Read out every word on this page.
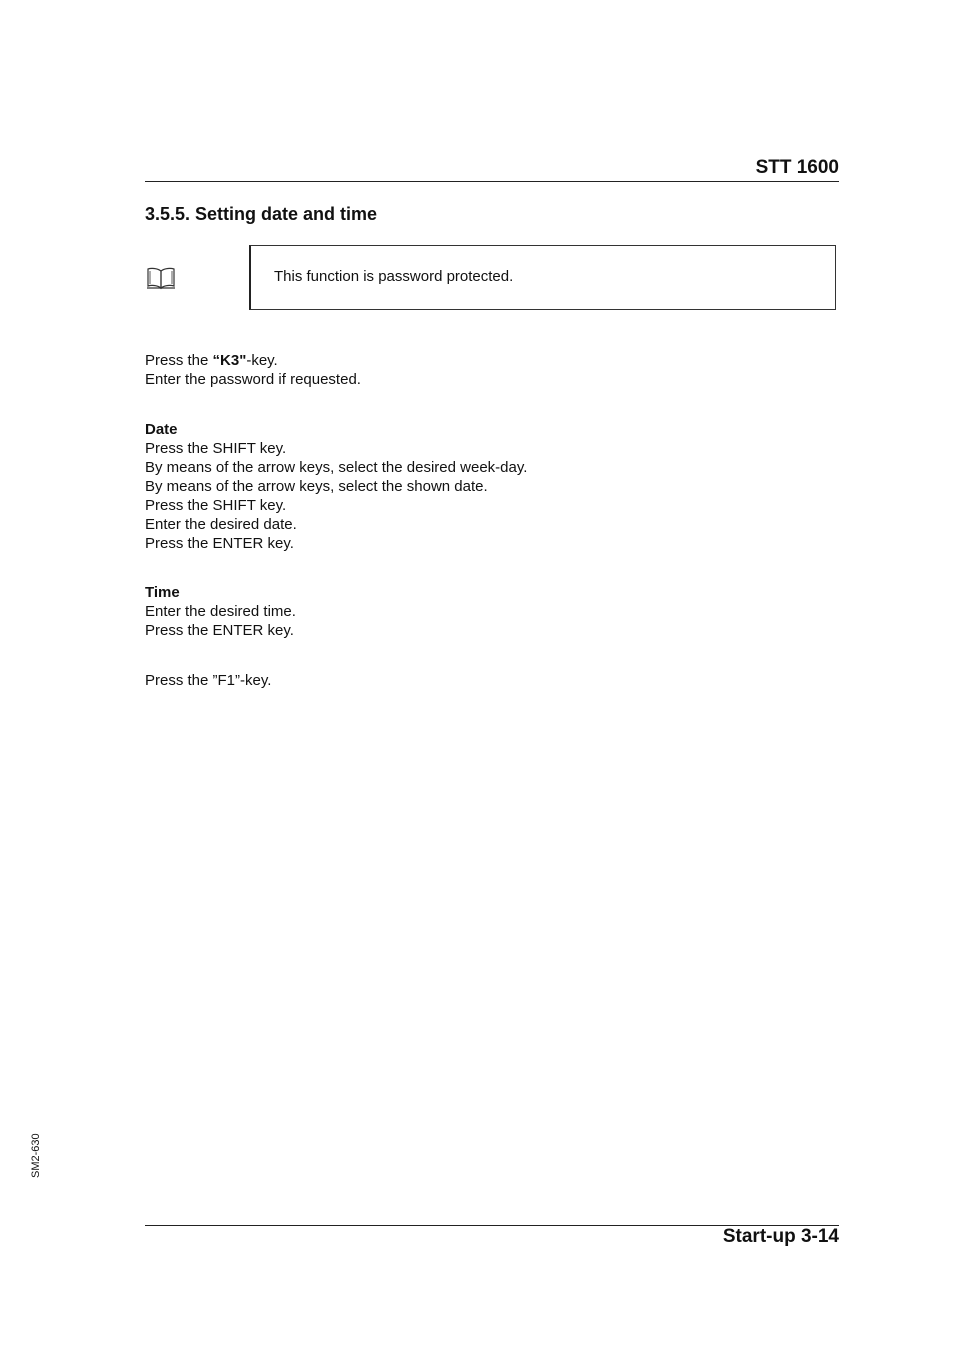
STT 1600
3.5.5. Setting date and time
This function is password protected.
Press the “K3"-key.
Enter the password if requested.
Date
Press the SHIFT key.
By means of the arrow keys, select the desired week-day.
By means of the arrow keys, select the shown date.
Press the SHIFT key.
Enter the desired date.
Press the ENTER key.
Time
Enter the desired time.
Press the ENTER key.
Press the ”F1”-key.
SM2-630
Start-up 3-14
